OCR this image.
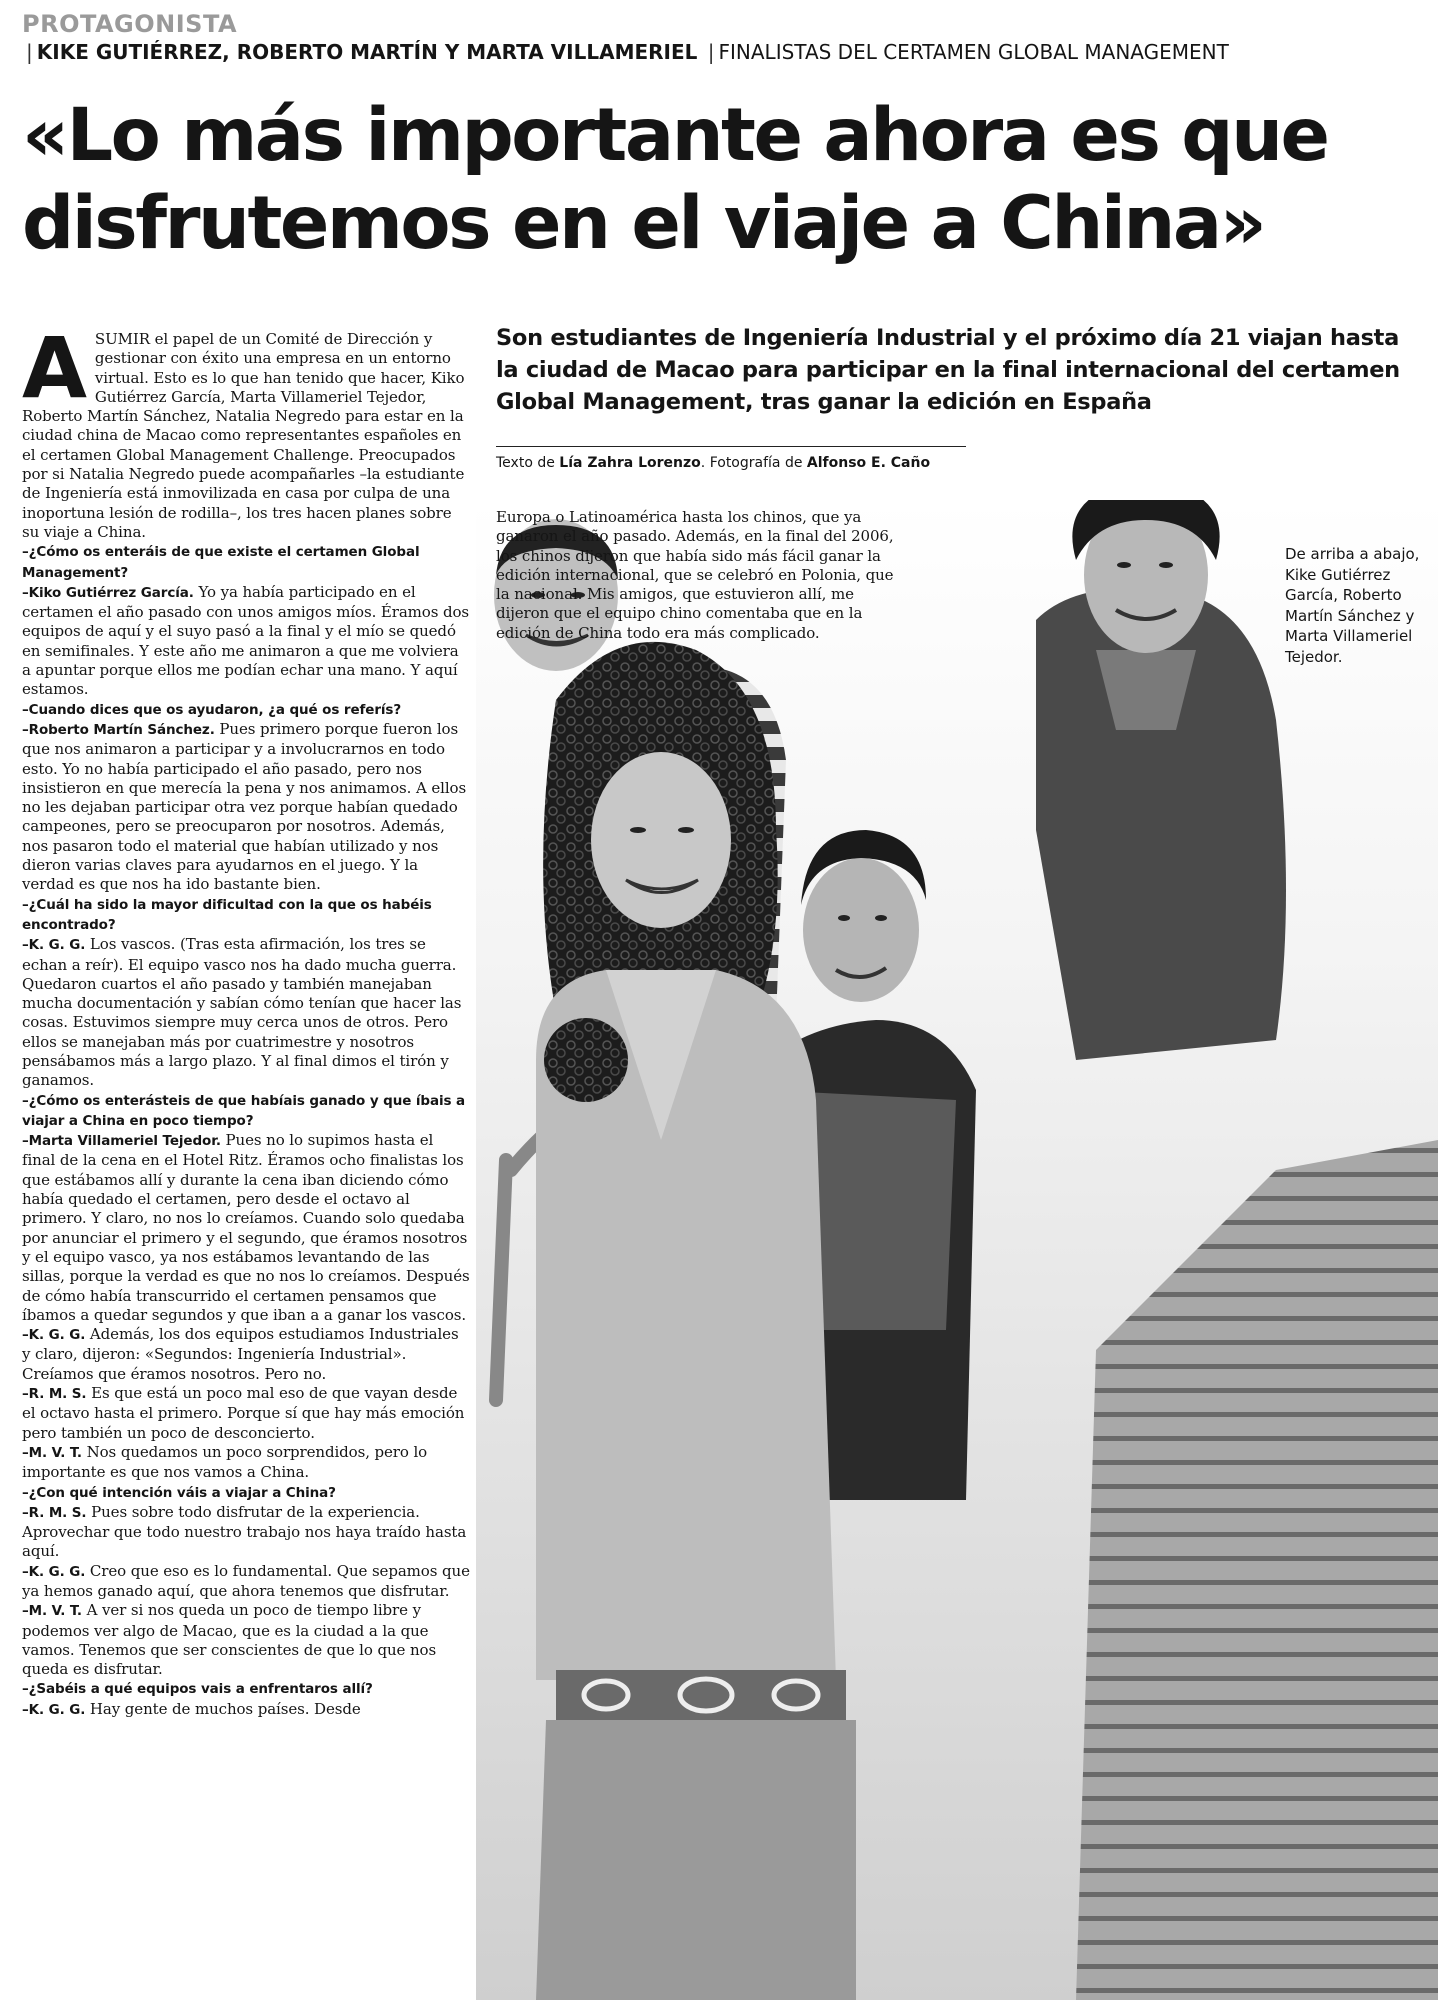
PROTAGONISTA
| KIKE GUTIÉRREZ, ROBERTO MARTÍN Y MARTA VILLAMERIEL | FINALISTAS DEL CERTAMEN GLOBAL MANAGEMENT
«Lo más importante ahora es que disfrutemos en el viaje a China»

ASUMIR el papel de un Comité de Dirección y gestionar con éxito una empresa en un entorno virtual. Esto es lo que han tenido que hacer, Kiko Gutiérrez García, Marta Villameriel Tejedor, Roberto Martín Sánchez, Natalia Negredo para estar en la ciudad china de Macao como representantes españoles en el certamen Global Management Challenge. Preocupados por si Natalia Negredo puede acompañarles –la estudiante de Ingeniería está inmovilizada en casa por culpa de una inoportuna lesión de rodilla–, los tres hacen planes sobre su viaje a China.

–¿Cómo os enteráis de que existe el certamen Global Management?

–Kiko Gutiérrez García. Yo ya había participado en el certamen el año pasado con unos amigos míos. Éramos dos equipos de aquí y el suyo pasó a la final y el mío se quedó en semifinales. Y este año me animaron a que me volviera a apuntar porque ellos me podían echar una mano. Y aquí estamos.

–Cuando dices que os ayudaron, ¿a qué os referís?

–Roberto Martín Sánchez. Pues primero porque fueron los que nos animaron a participar y a involucrarnos en todo esto. Yo no había participado el año pasado, pero nos insistieron en que merecía la pena y nos animamos. A ellos no les dejaban participar otra vez porque habían quedado campeones, pero se preocuparon por nosotros. Además, nos pasaron todo el material que habían utilizado y nos dieron varias claves para ayudarnos en el juego. Y la verdad es que nos ha ido bastante bien.

–¿Cuál ha sido la mayor dificultad con la que os habéis encontrado?

–K. G. G. Los vascos. (Tras esta afirmación, los tres se echan a reír). El equipo vasco nos ha dado mucha guerra. Quedaron cuartos el año pasado y también manejaban mucha documentación y sabían cómo tenían que hacer las cosas. Estuvimos siempre muy cerca unos de otros. Pero ellos se manejaban más por cuatrimestre y nosotros pensábamos más a largo plazo. Y al final dimos el tirón y ganamos.

–¿Cómo os enterásteis de que habíais ganado y que íbais a viajar a China en poco tiempo?

–Marta Villameriel Tejedor. Pues no lo supimos hasta el final de la cena en el Hotel Ritz. Éramos ocho finalistas los que estábamos allí y durante la cena iban diciendo cómo había quedado el certamen, pero desde el octavo al primero. Y claro, no nos lo creíamos. Cuando solo quedaba por anunciar el primero y el segundo, que éramos nosotros y el equipo vasco, ya nos estábamos levantando de las sillas, porque la verdad es que no nos lo creíamos. Después de cómo había transcurrido el certamen pensamos que íbamos a quedar segundos y que iban a a ganar los vascos.

–K. G. G. Además, los dos equipos estudiamos Industriales y claro, dijeron: «Segundos: Ingeniería Industrial». Creíamos que éramos nosotros. Pero no.

–R. M. S. Es que está un poco mal eso de que vayan desde el octavo hasta el primero. Porque sí que hay más emoción pero también un poco de desconcierto.

–M. V. T. Nos quedamos un poco sorprendidos, pero lo importante es que nos vamos a China.

–¿Con qué intención váis a viajar a China?

–R. M. S. Pues sobre todo disfrutar de la experiencia. Aprovechar que todo nuestro trabajo nos haya traído hasta aquí.

–K. G. G. Creo que eso es lo fundamental. Que sepamos que ya hemos ganado aquí, que ahora tenemos que disfrutar.

–M. V. T. A ver si nos queda un poco de tiempo libre y podemos ver algo de Macao, que es la ciudad a la que vamos. Tenemos que ser conscientes de que lo que nos queda es disfrutar.

–¿Sabéis a qué equipos vais a enfrentaros allí?

–K. G. G. Hay gente de muchos países. Desde

Son estudiantes de Ingeniería Industrial y el próximo día 21 viajan hasta la ciudad de Macao para participar en la final internacional del certamen Global Management, tras ganar la edición en España
Texto de Lía Zahra Lorenzo. Fotografía de Alfonso E. Caño

Europa o Latinoamérica hasta los chinos, que ya ganaron el año pasado. Además, en la final del 2006, los chinos dijeron que había sido más fácil ganar la edición internacional, que se celebró en Polonia, que la nacional. Mis amigos, que estuvieron allí, me dijeron que el equipo chino comentaba que en la edición de China todo era más complicado.

De arriba a abajo, Kike Gutiérrez García, Roberto Martín Sánchez y Marta Villameriel Tejedor.
